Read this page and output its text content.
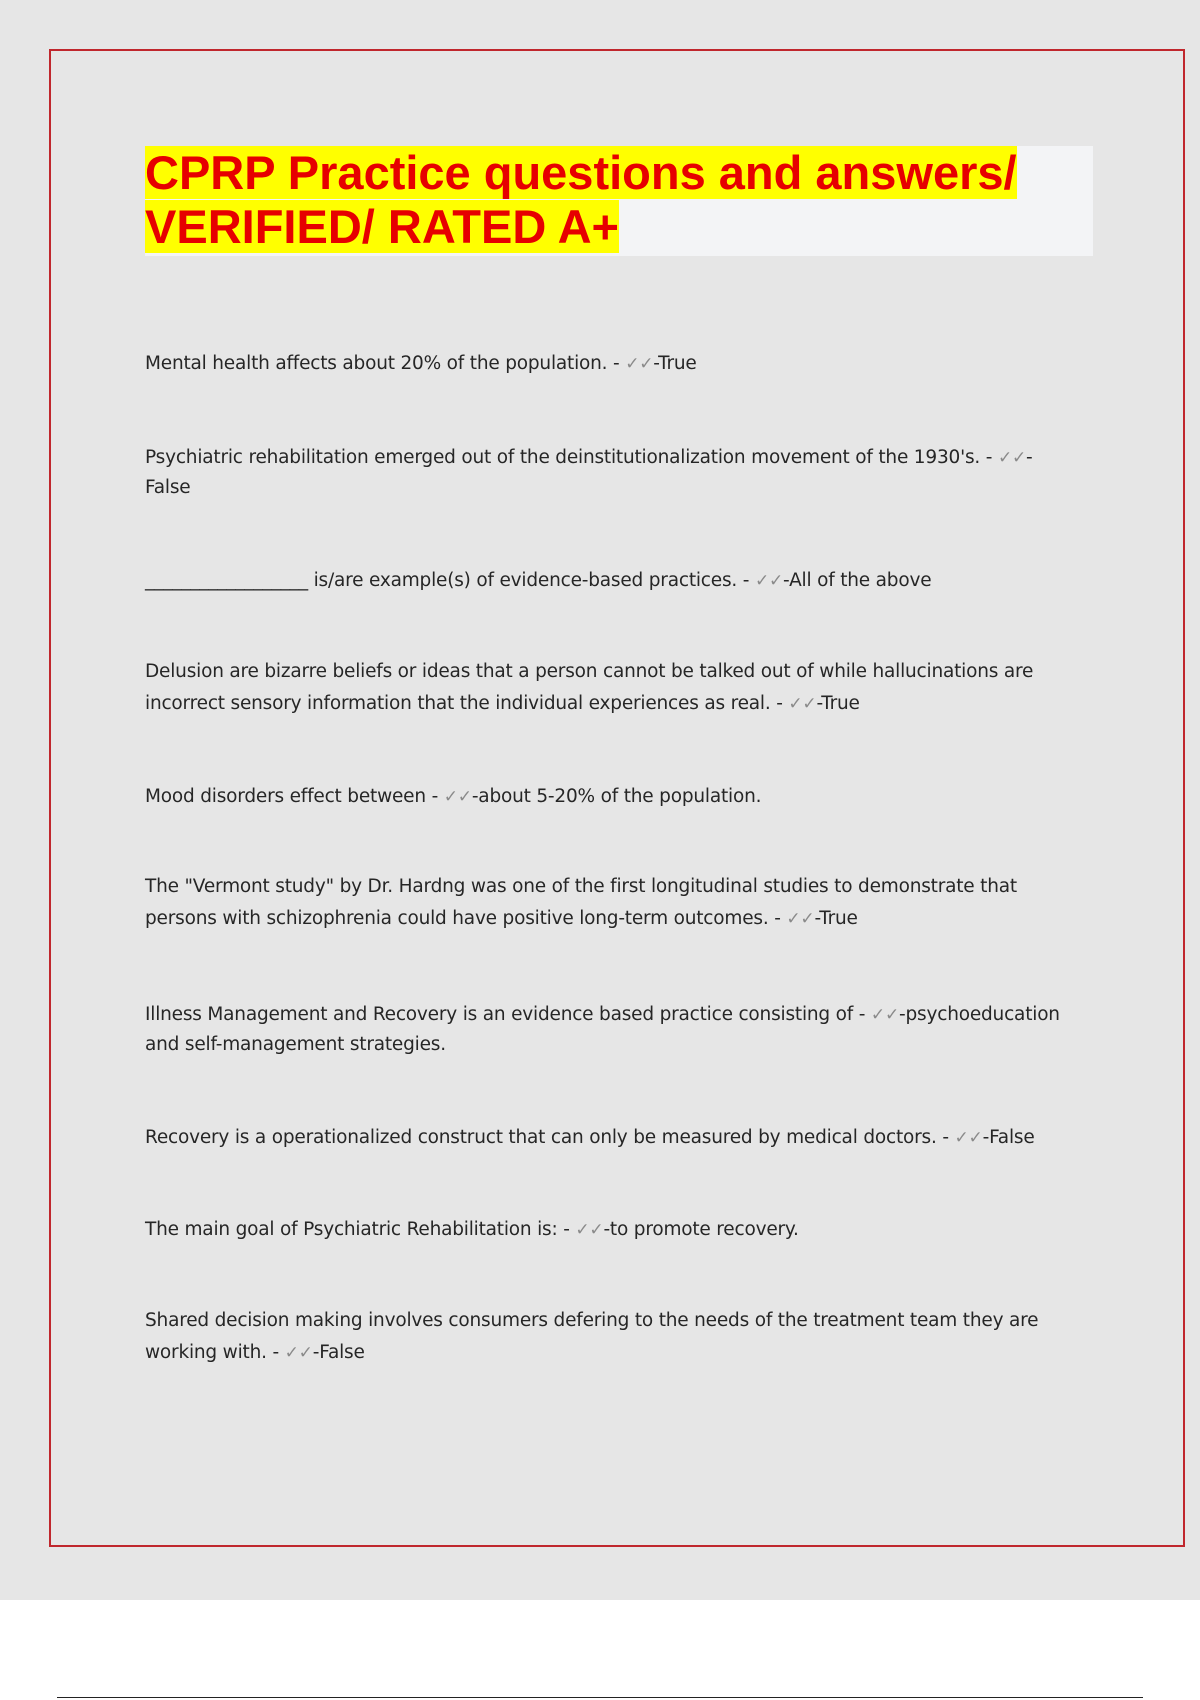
CPRP Practice questions and answers/
VERIFIED/ RATED A+

Mental health affects about 20% of the population. - ✓✓-True

Psychiatric rehabilitation emerged out of the deinstitutionalization movement of the 1930's. - ✓✓-False

__________________ is/are example(s) of evidence-based practices. - ✓✓-All of the above

Delusion are bizarre beliefs or ideas that a person cannot be talked out of while hallucinations are incorrect sensory information that the individual experiences as real. - ✓✓-True

Mood disorders effect between - ✓✓-about 5-20% of the population.

The "Vermont study" by Dr. Hardng was one of the first longitudinal studies to demonstrate that persons with schizophrenia could have positive long-term outcomes. - ✓✓-True

Illness Management and Recovery is an evidence based practice consisting of - ✓✓-psychoeducation and self-management strategies.

Recovery is a operationalized construct that can only be measured by medical doctors. - ✓✓-False

The main goal of Psychiatric Rehabilitation is: - ✓✓-to promote recovery.

Shared decision making involves consumers defering to the needs of the treatment team they are working with. - ✓✓-False
